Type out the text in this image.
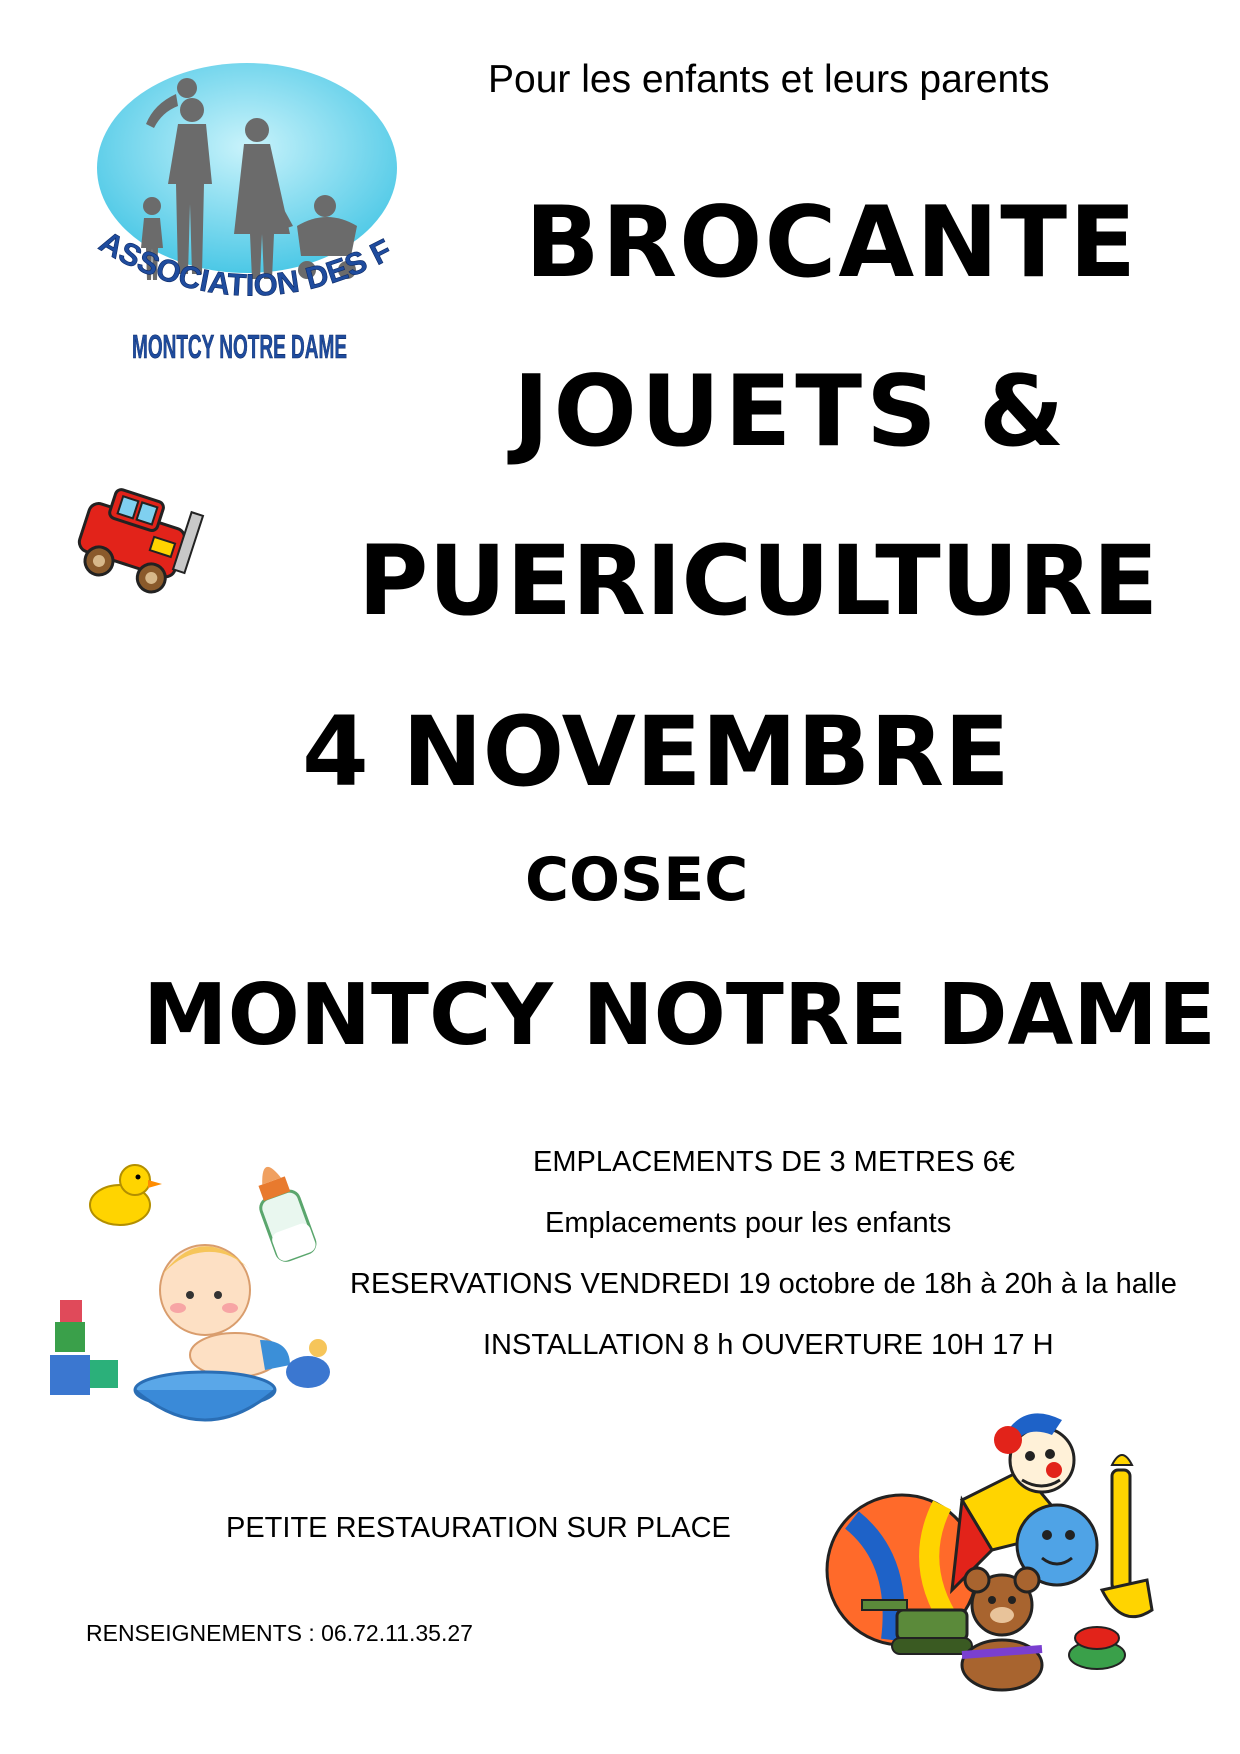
ASSOCIATION DES F
MONTCY NOTRE DAME
Pour les enfants et leurs parents
BROCANTE
JOUETS &
PUERICULTURE
4 NOVEMBRE
COSEC
MONTCY NOTRE DAME
EMPLACEMENTS DE 3 METRES 6€
Emplacements pour les enfants
RESERVATIONS VENDREDI 19 octobre de 18h à 20h à la halle
INSTALLATION 8 h OUVERTURE 10H 17 H
PETITE RESTAURATION SUR PLACE
RENSEIGNEMENTS : 06.72.11.35.27
